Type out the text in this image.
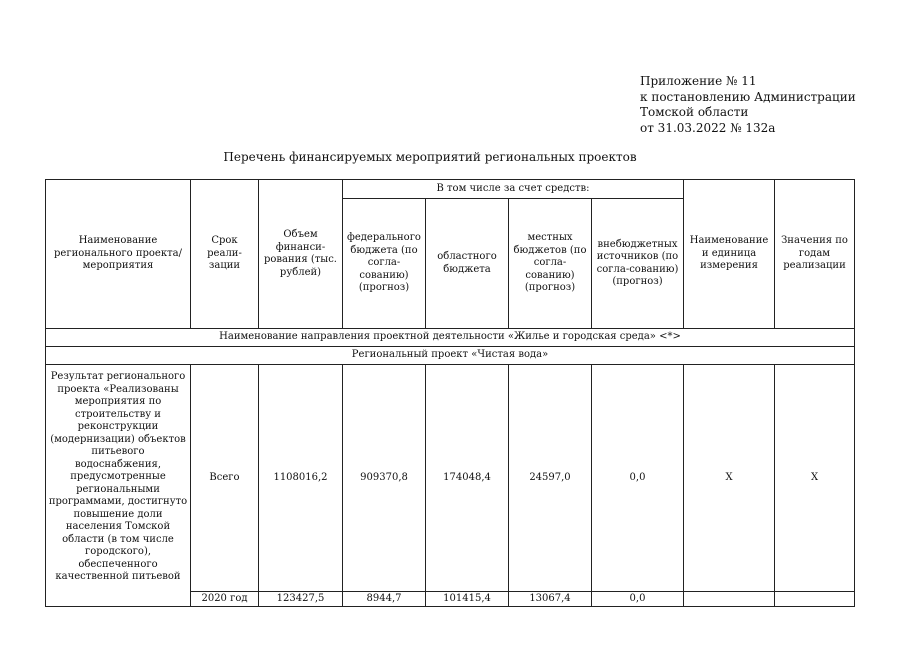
Приложение № 11
к постановлению Администрации
Томской области
от 31.03.2022 № 132а
Перечень финансируемых мероприятий региональных проектов
Наименование регионального проекта/ мероприятия	Срок реали-зации	Объем финанси-рования (тыс. рублей)	В том числе за счет средств:				Наименование и единица измерения	Значения по годам реализации
			федерального бюджета (по согла-сованию) (прогноз)	областного бюджета	местных бюджетов (по согла-сованию) (прогноз)	внебюджетных источников (по согла-сованию) (прогноз)		
Наименование направления проектной деятельности «Жилье и городская среда» <*>								
Региональный проект «Чистая вода»								
Результат регионального проекта «Реализованы мероприятия по строительству и реконструкции (модернизации) объектов питьевого водоснабжения, предусмотренные региональными программами, достигнуто повышение доли населения Томской области (в том числе городского), обеспеченного качественной питьевой	Всего	1108016,2	909370,8	174048,4	24597,0	0,0	X	X
	2020 год	123427,5	8944,7	101415,4	13067,4	0,0		
